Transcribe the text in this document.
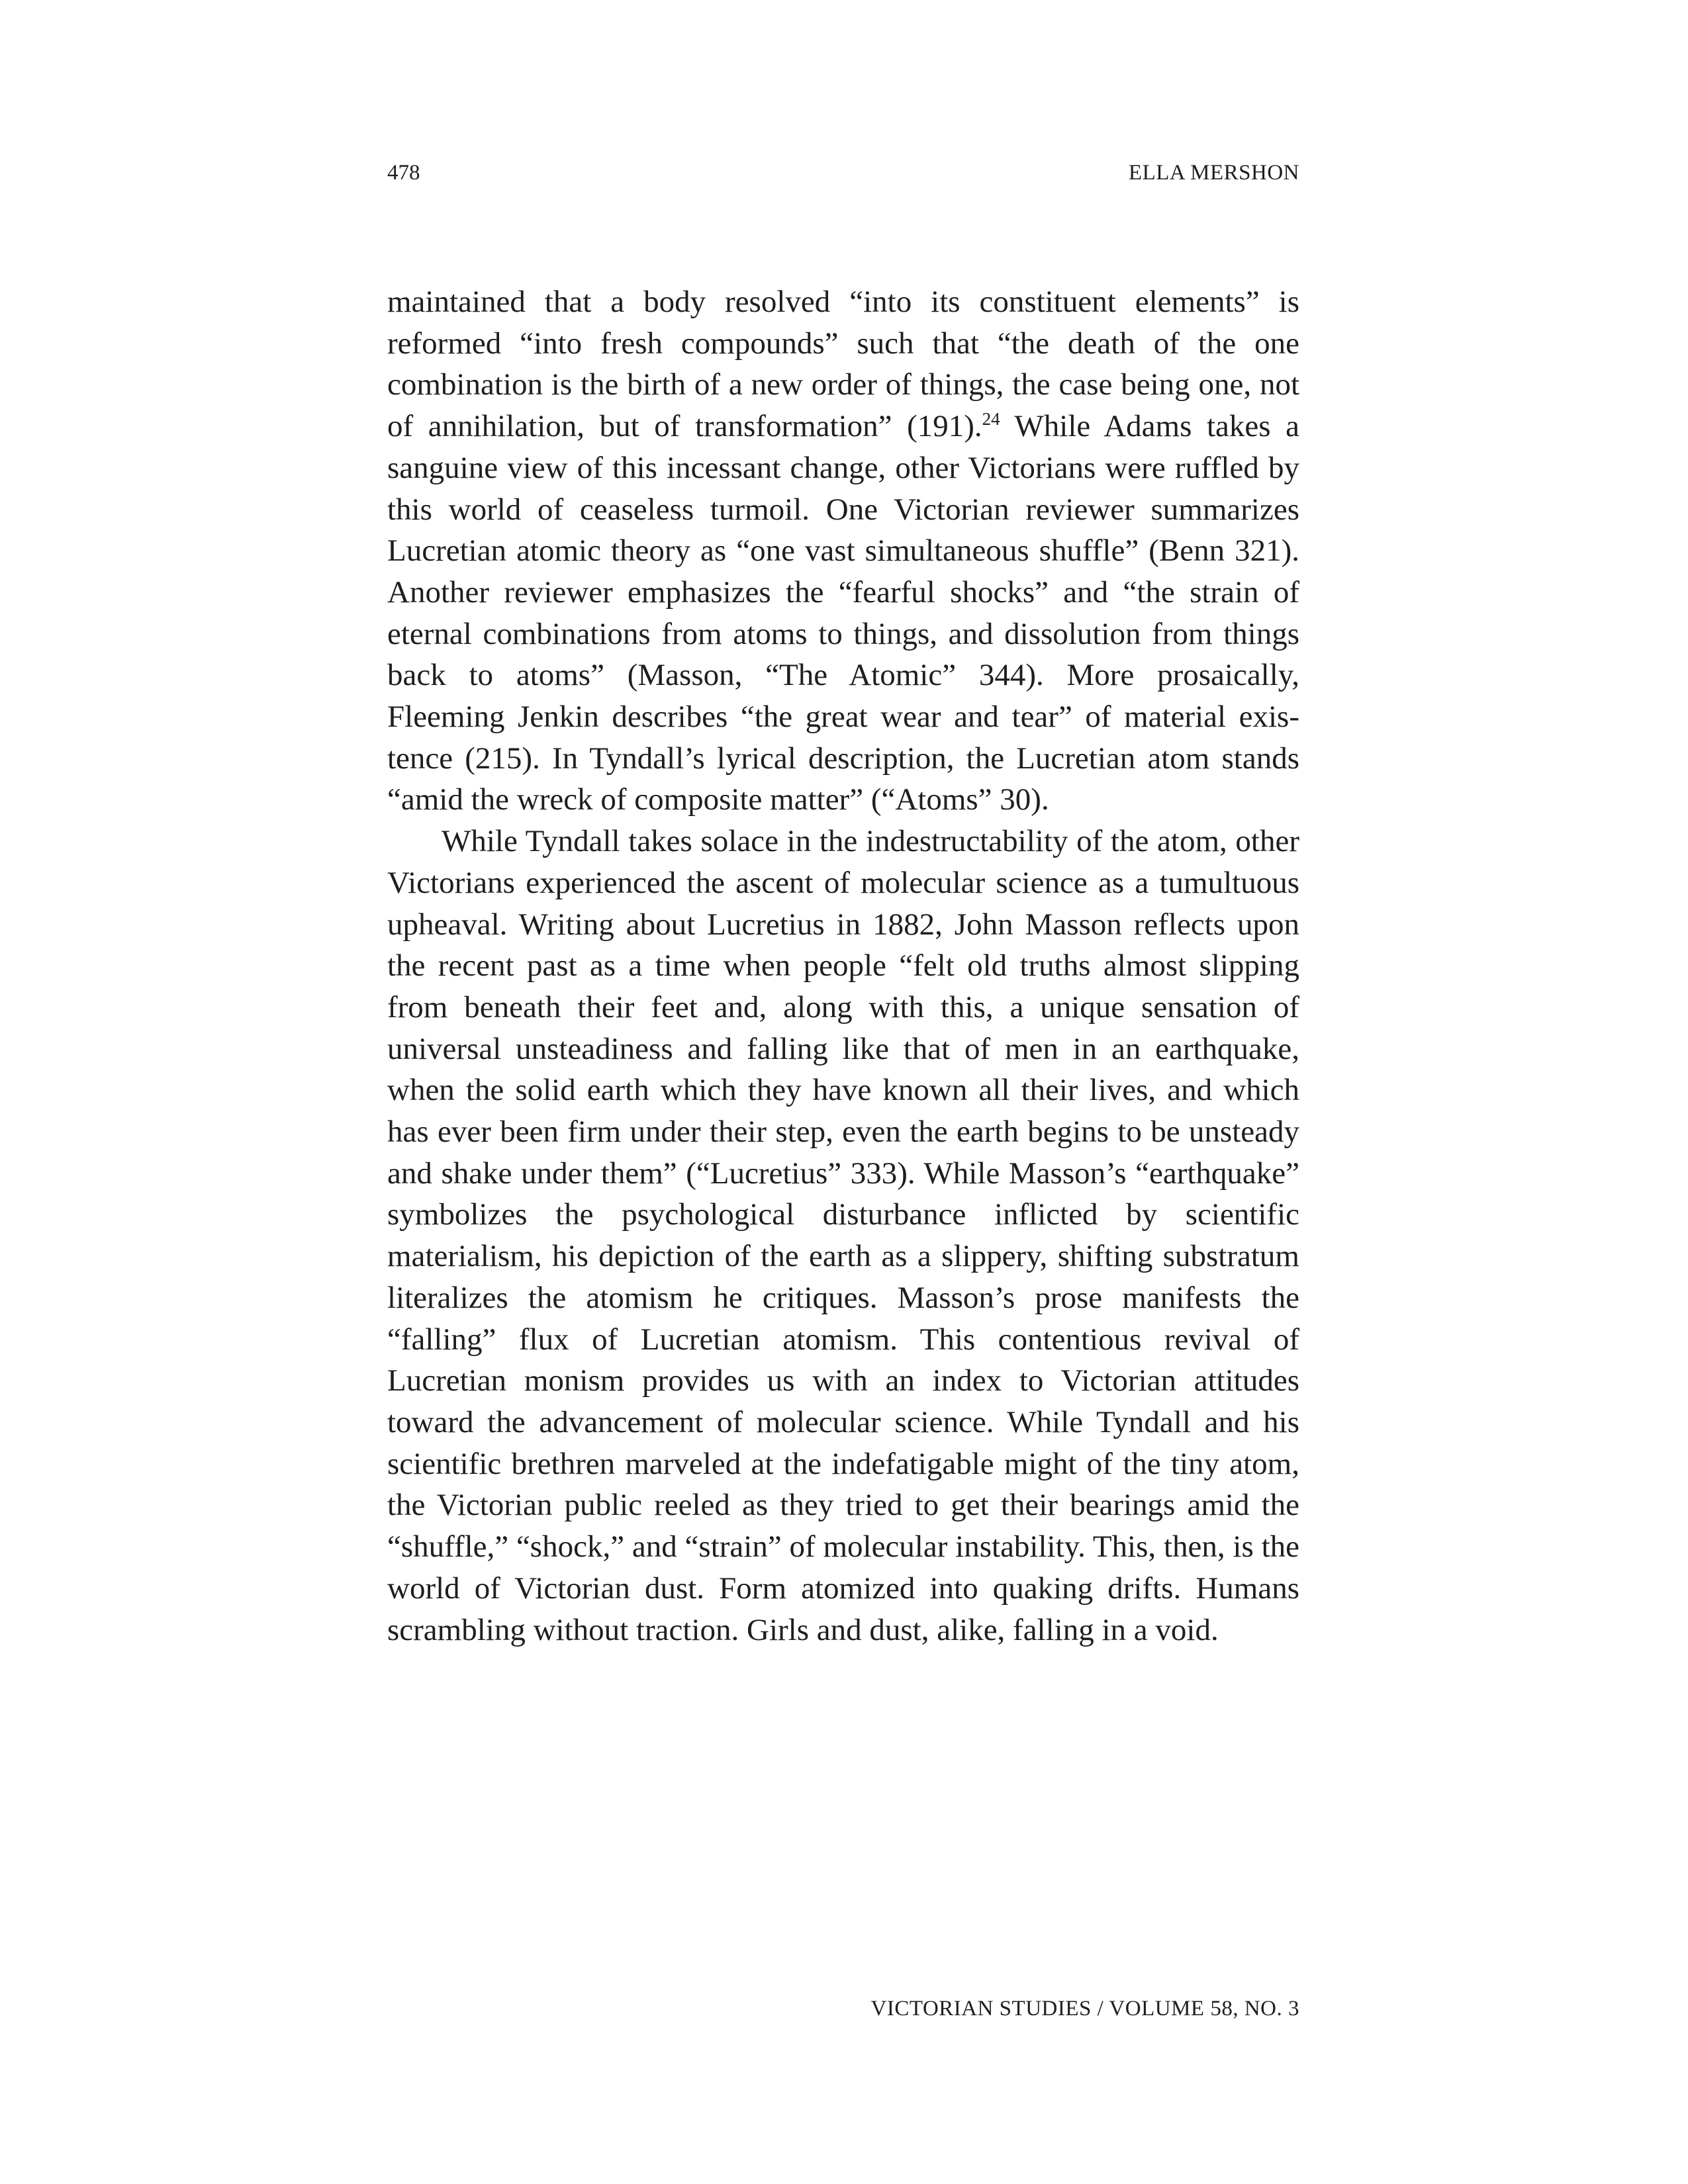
478	ELLA MERSHON

maintained that a body resolved “into its constituent elements” is reformed “into fresh compounds” such that “the death of the one combination is the birth of a new order of things, the case being one, not of annihilation, but of transformation” (191).$^{24}$ While Adams takes a sanguine view of this incessant change, other Victorians were ruffled by this world of ceaseless turmoil. One Victorian reviewer summarizes Lucretian atomic theory as “one vast simultaneous shuffle” (Benn 321). Another reviewer emphasizes the “fearful shocks” and “the strain of eternal combinations from atoms to things, and dissolution from things back to atoms” (Masson, “The Atomic” 344). More prosaically, Fleeming Jenkin describes “the great wear and tear” of material existence (215). In Tyndall’s lyrical description, the Lucretian atom stands “amid the wreck of composite matter” (“Atoms” 30).

While Tyndall takes solace in the indestructability of the atom, other Victorians experienced the ascent of molecular science as a tumultuous upheaval. Writing about Lucretius in 1882, John Masson reflects upon the recent past as a time when people “felt old truths almost slipping from beneath their feet and, along with this, a unique sensation of universal unsteadiness and falling like that of men in an earthquake, when the solid earth which they have known all their lives, and which has ever been firm under their step, even the earth begins to be unsteady and shake under them” (“Lucretius” 333). While Masson’s “earthquake” symbolizes the psychological disturbance inflicted by scientific materialism, his depiction of the earth as a slippery, shifting substratum literalizes the atomism he critiques. Masson’s prose manifests the “falling” flux of Lucretian atomism. This contentious revival of Lucretian monism provides us with an index to Victorian attitudes toward the advancement of molecular science. While Tyndall and his scientific brethren marveled at the indefatigable might of the tiny atom, the Victorian public reeled as they tried to get their bearings amid the “shuffle,” “shock,” and “strain” of molecular instability. This, then, is the world of Victorian dust. Form atomized into quaking drifts. Humans scrambling without traction. Girls and dust, alike, falling in a void.

VICTORIAN STUDIES / VOLUME 58, NO. 3
